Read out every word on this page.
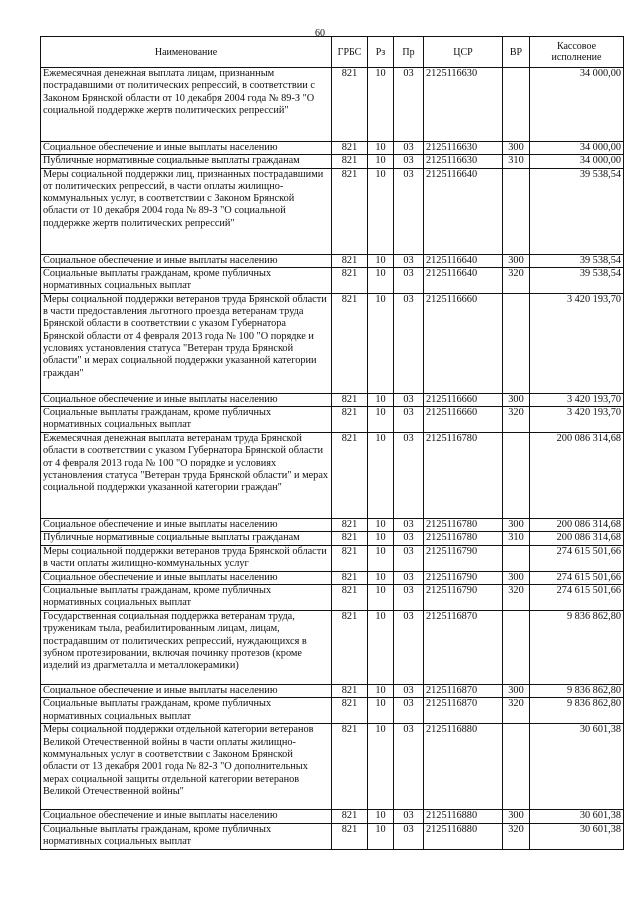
60
Наименование	ГРБС	Рз	Пр	ЦСР	ВР	Кассовое исполнение
Ежемесячная денежная выплата лицам, признанным пострадавшими от политических репрессий, в соответствии с Законом Брянской области от 10 декабря 2004 года № 89-З "О социальной поддержке жертв политических репрессий"	821	10	03	2125116630		34 000,00
Социальное обеспечение и иные выплаты населению	821	10	03	2125116630	300	34 000,00
Публичные нормативные социальные выплаты гражданам	821	10	03	2125116630	310	34 000,00
Меры социальной поддержки лиц, признанных пострадавшими от политических репрессий, в части оплаты жилищно-коммунальных услуг, в соответствии с Законом Брянской области от 10 декабря 2004 года № 89-З "О социальной поддержке жертв политических репрессий"	821	10	03	2125116640		39 538,54
Социальное обеспечение и иные выплаты населению	821	10	03	2125116640	300	39 538,54
Социальные выплаты гражданам, кроме публичных нормативных социальных выплат	821	10	03	2125116640	320	39 538,54
Меры социальной поддержки ветеранов труда Брянской области в части предоставления льготного проезда ветеранам труда Брянской области в соответствии с указом Губернатора Брянской области от 4 февраля 2013 года № 100 "О порядке и условиях установления статуса "Ветеран труда Брянской области" и мерах социальной поддержки указанной категории граждан"	821	10	03	2125116660		3 420 193,70
Социальное обеспечение и иные выплаты населению	821	10	03	2125116660	300	3 420 193,70
Социальные выплаты гражданам, кроме публичных нормативных социальных выплат	821	10	03	2125116660	320	3 420 193,70
Ежемесячная денежная выплата ветеранам труда Брянской области в соответствии с указом Губернатора Брянской области от 4 февраля 2013 года № 100 "О порядке и условиях установления статуса "Ветеран труда Брянской области" и мерах социальной поддержки указанной категории граждан"	821	10	03	2125116780		200 086 314,68
Социальное обеспечение и иные выплаты населению	821	10	03	2125116780	300	200 086 314,68
Публичные нормативные социальные выплаты гражданам	821	10	03	2125116780	310	200 086 314,68
Меры социальной поддержки ветеранов труда Брянской области в части оплаты жилищно-коммунальных услуг	821	10	03	2125116790		274 615 501,66
Социальное обеспечение и иные выплаты населению	821	10	03	2125116790	300	274 615 501,66
Социальные выплаты гражданам, кроме публичных нормативных социальных выплат	821	10	03	2125116790	320	274 615 501,66
Государственная социальная поддержка ветеранам труда, труженикам тыла, реабилитированным лицам, лицам, пострадавшим от политических репрессий, нуждающихся в зубном протезировании, включая починку протезов (кроме изделий из драгметалла и металлокерамики)	821	10	03	2125116870		9 836 862,80
Социальное обеспечение и иные выплаты населению	821	10	03	2125116870	300	9 836 862,80
Социальные выплаты гражданам, кроме публичных нормативных социальных выплат	821	10	03	2125116870	320	9 836 862,80
Меры социальной поддержки отдельной категории ветеранов Великой Отечественной войны в части оплаты жилищно-коммунальных услуг в соответствии с Законом Брянской области от 13 декабря 2001 года № 82-З "О дополнительных мерах социальной защиты отдельной категории ветеранов Великой Отечественной войны"	821	10	03	2125116880		30 601,38
Социальное обеспечение и иные выплаты населению	821	10	03	2125116880	300	30 601,38
Социальные выплаты гражданам, кроме публичных нормативных социальных выплат	821	10	03	2125116880	320	30 601,38
